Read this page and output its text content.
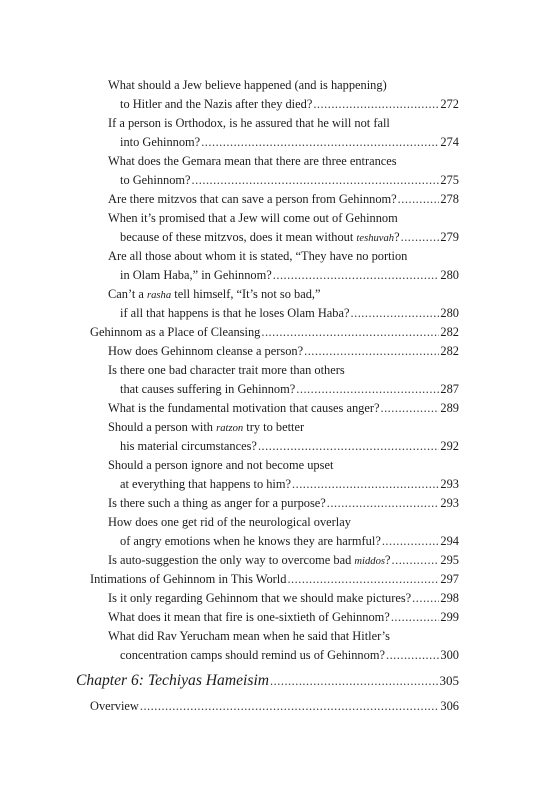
What should a Jew believe happened (and is happening)
to Hitler and the Nazis after they died? .....	272
If a person is Orthodox, is he assured that he will not fall
into Gehinnom? .....	274
What does the Gemara mean that there are three entrances
to Gehinnom? .....	275
Are there mitzvos that can save a person from Gehinnom? .....	278
When it’s promised that a Jew will come out of Gehinnom
because of these mitzvos, does it mean without teshuvah? .....	279
Are all those about whom it is stated, “They have no portion
in Olam Haba,” in Gehinnom? .....	280
Can’t a rasha tell himself, “It’s not so bad,”
if all that happens is that he loses Olam Haba? .....	280
Gehinnom as a Place of Cleansing .....	282
How does Gehinnom cleanse a person? .....	282
Is there one bad character trait more than others
that causes suffering in Gehinnom? .....	287
What is the fundamental motivation that causes anger? .....	289
Should a person with ratzon try to better
his material circumstances? .....	292
Should a person ignore and not become upset
at everything that happens to him? .....	293
Is there such a thing as anger for a purpose? .....	293
How does one get rid of the neurological overlay
of angry emotions when he knows they are harmful? .....	294
Is auto-suggestion the only way to overcome bad middos? .....	295
Intimations of Gehinnom in This World .....	297
Is it only regarding Gehinnom that we should make pictures? ..... 298
What does it mean that fire is one-sixtieth of Gehinnom? .....	299
What did Rav Yerucham mean when he said that Hitler’s
concentration camps should remind us of Gehinnom? .....	300
Chapter 6: Techiyas Hameisim .....	305
Overview .....	306
